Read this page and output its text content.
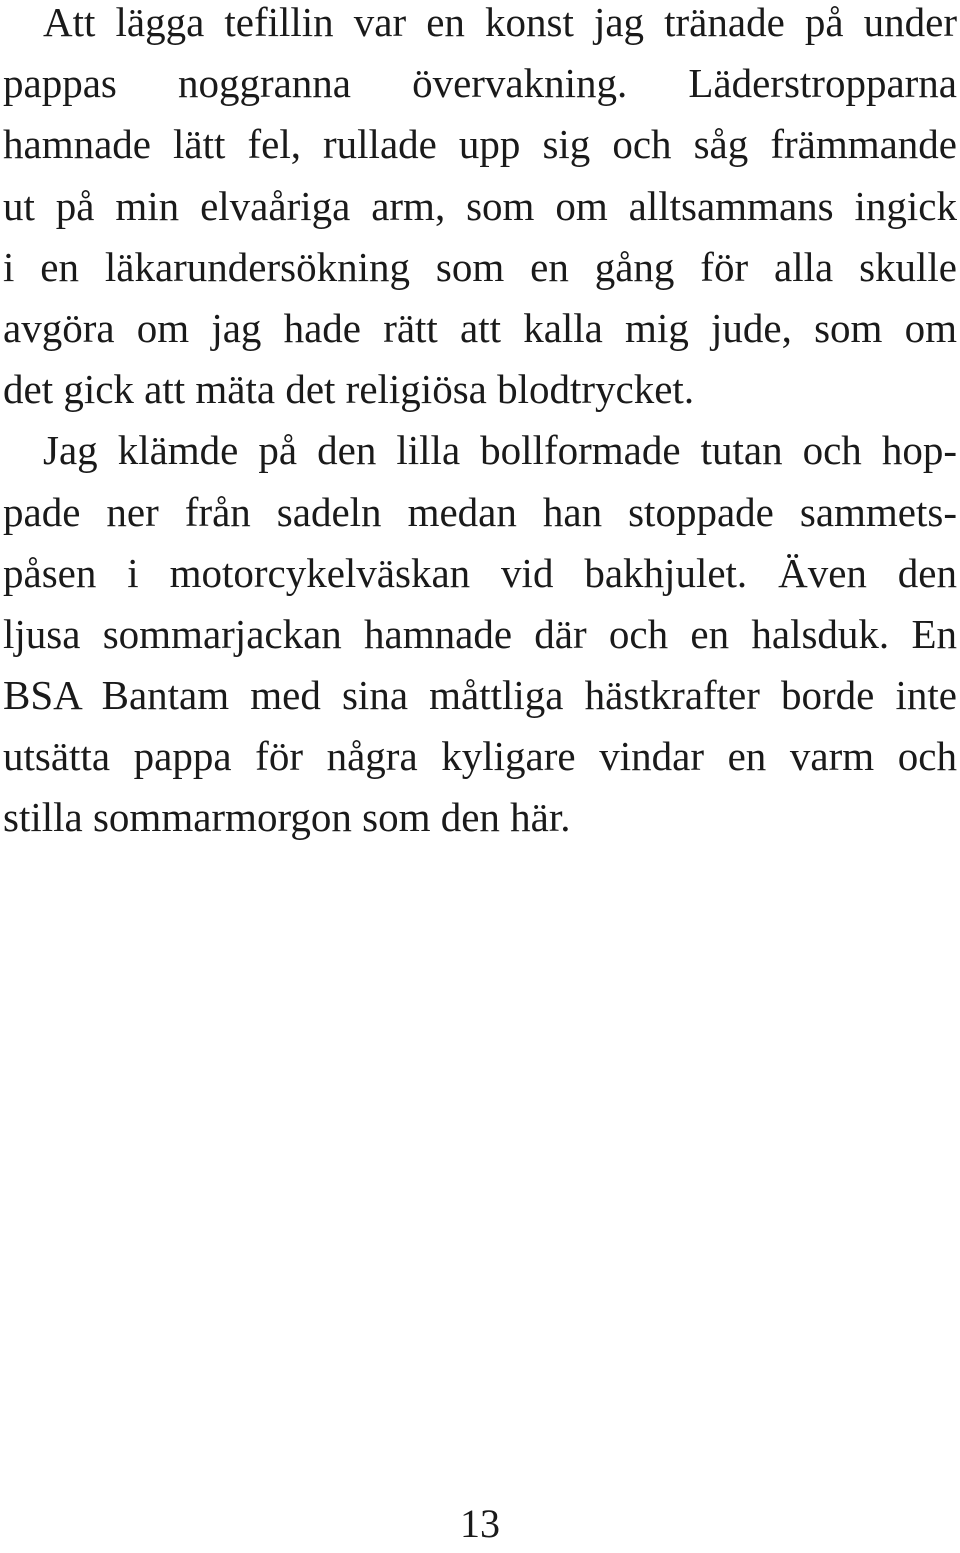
Att lägga tefillin var en konst jag tränade på under
pappas noggranna övervakning. Läderstropparna
hamnade lätt fel, rullade upp sig och såg främmande
ut på min elvaåriga arm, som om alltsammans ingick
i en läkarundersökning som en gång för alla skulle
avgöra om jag hade rätt att kalla mig jude, som om
det gick att mäta det religiösa blodtrycket.
Jag klämde på den lilla bollformade tutan och hop-
pade ner från sadeln medan han stoppade sammets-
påsen i motorcykelväskan vid bakhjulet. Även den
ljusa sommarjackan hamnade där och en halsduk. En
BSA Bantam med sina måttliga hästkrafter borde inte
utsätta pappa för några kyligare vindar en varm och
stilla sommarmorgon som den här.
13
